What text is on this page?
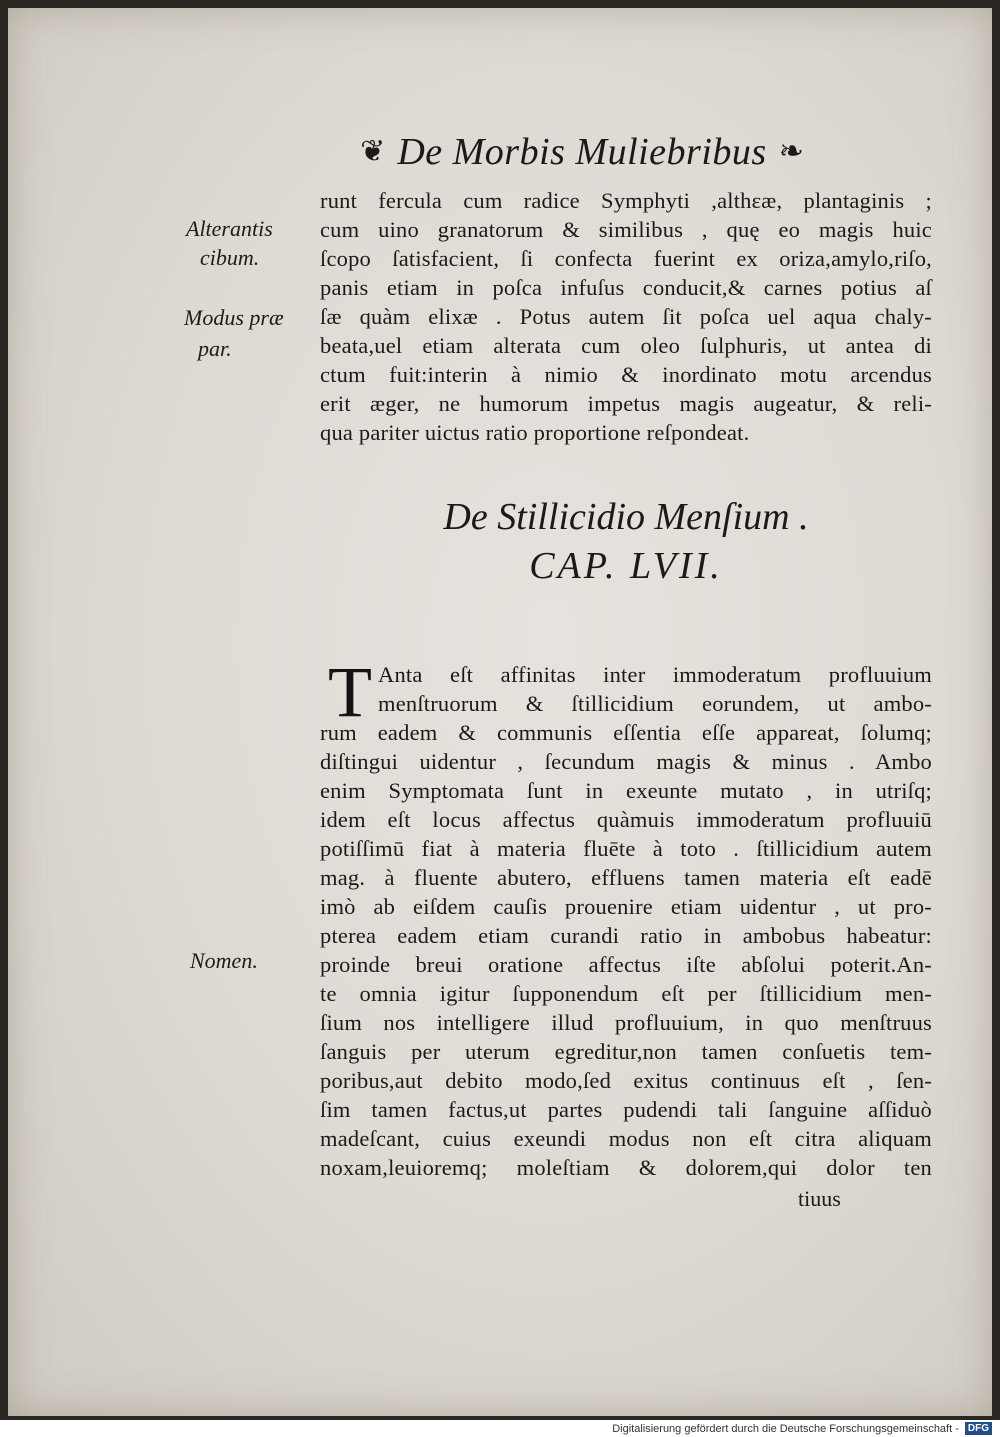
❦ De Morbis Muliebribus ❧
Alterantis
cibum.
Modus præ
par.
Nomen.
runt fercula cum radice Symphyti ,althεæ, plantaginis ;
cum uino granatorum & similibus , quę eo magis huic
ſcopo ſatisfacient, ſi confecta fuerint ex oriza,amylo,riſo,
panis etiam in poſca infuſus conducit,& carnes potius aſ
ſæ quàm elixæ . Potus autem ſit poſca uel aqua chaly-
beata,uel etiam alterata cum oleo ſulphuris, ut antea di
ctum fuit:interin à nimio & inordinato motu arcendus
erit æger, ne humorum impetus magis augeatur, & reli-
qua pariter uictus ratio proportione reſpondeat.
De Stillicidio Menſium .
CAP. LVII.
T Anta eſt affinitas inter immoderatum profluuium
menſtruorum & ſtillicidium eorundem, ut ambo-
rum eadem & communis eſſentia eſſe appareat, ſolumq;
diſtingui uidentur , ſecundum magis & minus . Ambo
enim Symptomata ſunt in exeunte mutato , in utriſq;
idem eſt locus affectus quàmuis immoderatum profluuiū
potiſſimū fiat à materia fluēte à toto . ſtillicidium autem
mag. à fluente abutero, effluens tamen materia eſt eadē
imò ab eiſdem cauſis prouenire etiam uidentur , ut pro-
pterea eadem etiam curandi ratio in ambobus habeatur:
proinde breui oratione affectus iſte abſolui poterit.An-
te omnia igitur ſupponendum eſt per ſtillicidium men-
ſium nos intelligere illud profluuium, in quo menſtruus
ſanguis per uterum egreditur,non tamen conſuetis tem-
poribus,aut debito modo,ſed exitus continuus eſt , ſen-
ſim tamen factus,ut partes pudendi tali ſanguine aſſiduò
madeſcant, cuius exeundi modus non eſt citra aliquam
noxam,leuioremq; moleſtiam & dolorem,qui dolor ten
tiuus
Digitalisierung gefördert durch die Deutsche Forschungsgemeinschaft - DFG
